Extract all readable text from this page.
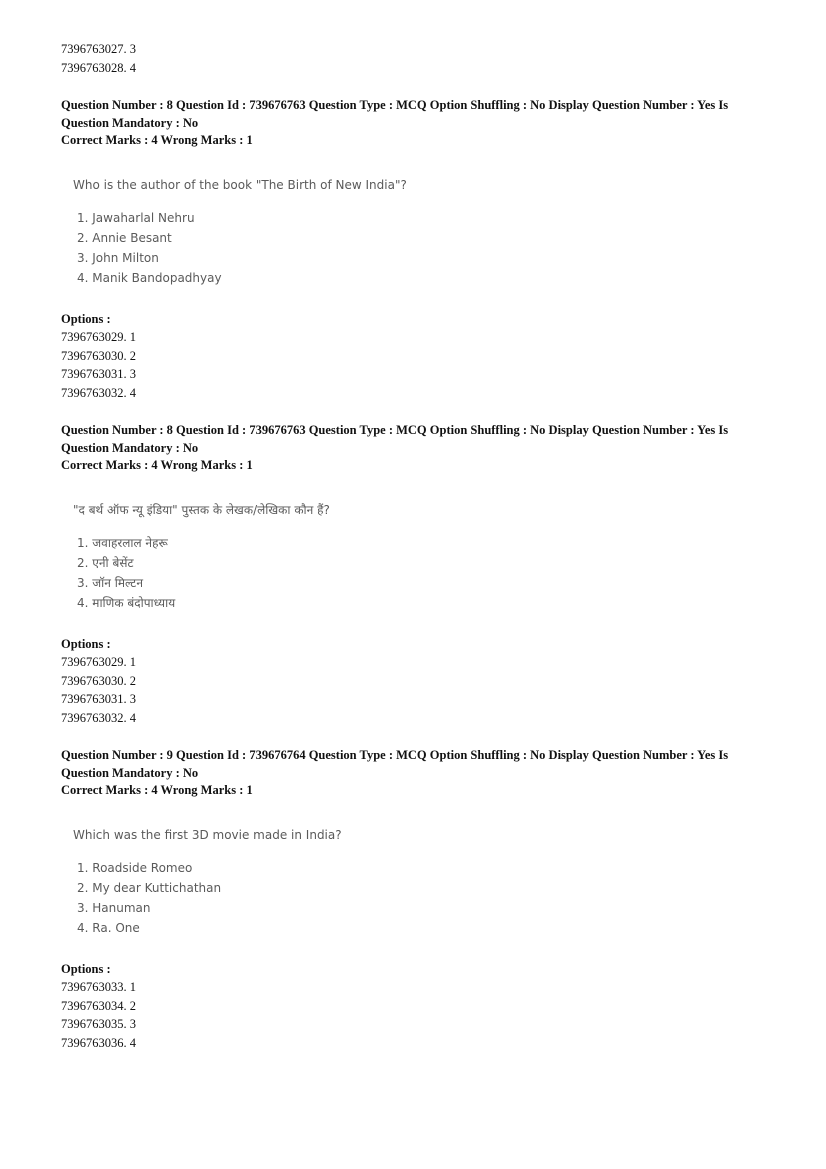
7396763027. 3
7396763028. 4
Question Number : 8 Question Id : 739676763 Question Type : MCQ Option Shuffling : No Display Question Number : Yes Is Question Mandatory : No
Correct Marks : 4 Wrong Marks : 1
Who is the author of the book "The Birth of New India"?
1. Jawaharlal Nehru
2. Annie Besant
3. John Milton
4. Manik Bandopadhyay
Options :
7396763029. 1
7396763030. 2
7396763031. 3
7396763032. 4
Question Number : 8 Question Id : 739676763 Question Type : MCQ Option Shuffling : No Display Question Number : Yes Is Question Mandatory : No
Correct Marks : 4 Wrong Marks : 1
"द बर्थ ऑफ न्यू इंडिया" पुस्तक के लेखक/लेखिका कौन हैं?
1. जवाहरलाल नेहरू
2. एनी बेसेंट
3. जॉन मिल्टन
4. माणिक बंदोपाध्याय
Options :
7396763029. 1
7396763030. 2
7396763031. 3
7396763032. 4
Question Number : 9 Question Id : 739676764 Question Type : MCQ Option Shuffling : No Display Question Number : Yes Is Question Mandatory : No
Correct Marks : 4 Wrong Marks : 1
Which was the first 3D movie made in India?
1. Roadside Romeo
2. My dear Kuttichathan
3. Hanuman
4. Ra. One
Options :
7396763033. 1
7396763034. 2
7396763035. 3
7396763036. 4
